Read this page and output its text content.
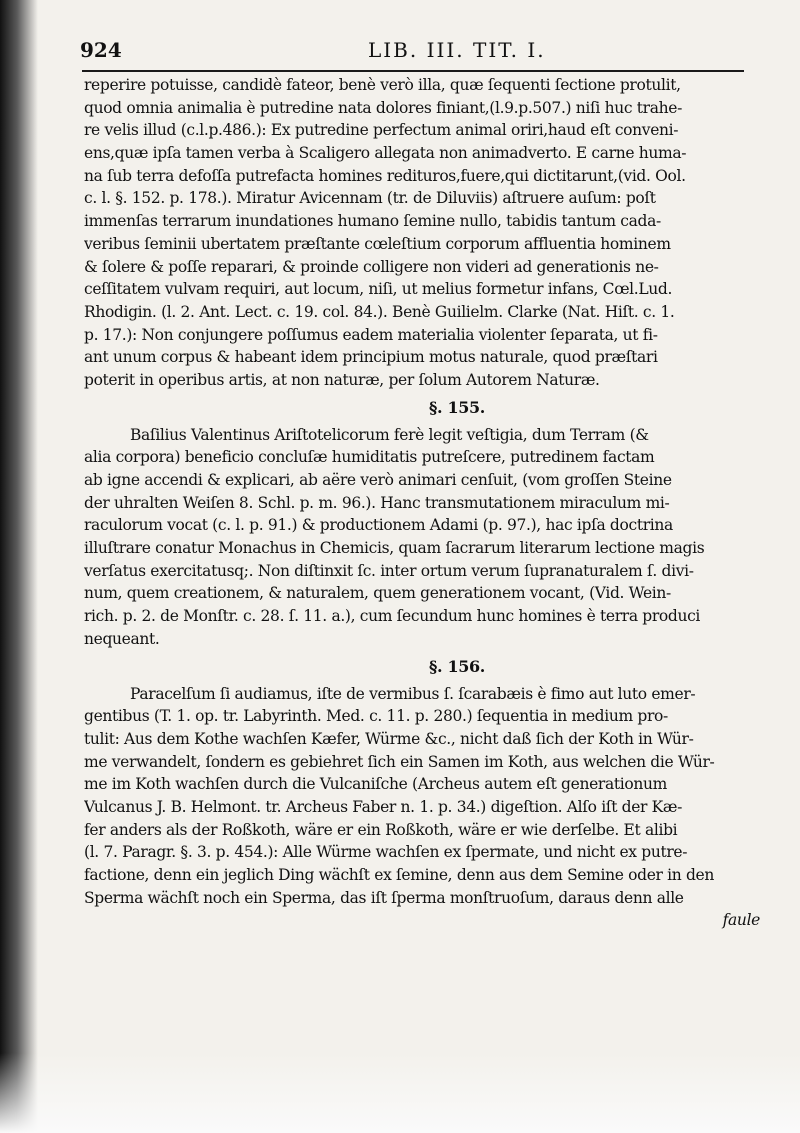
924	LIB. III. TIT. I.
reperire potuisse, candidè fateor, benè verò illa, quæ ſequenti ſectione protulit,
quod omnia animalia è putredine nata dolores finiant,(l.9.p.507.) niſi huc trahe-
re velis illud (c.l.p.486.): Ex putredine perfectum animal oriri,haud eſt conveni-
ens,quæ ipſa tamen verba à Scaligero allegata non animadverto. E carne huma-
na ſub terra defoſſa putrefacta homines redituros,fuere,qui dictitarunt,(vid. Ool.
c. l. §. 152. p. 178.). Miratur Avicennam (tr. de Diluviis) aſtruere auſum: poſt
immenſas terrarum inundationes humano ſemine nullo, tabidis tantum cada-
veribus ſeminii ubertatem præſtante cœleſtium corporum affluentia hominem
& ſolere & poſſe reparari, & proinde colligere non videri ad generationis ne-
ceſſitatem vulvam requiri, aut locum, niſi, ut melius formetur infans, Cœl.Lud.
Rhodigin. (l. 2. Ant. Lect. c. 19. col. 84.). Benè Guilielm. Clarke (Nat. Hiſt. c. 1.
p. 17.): Non conjungere poſſumus eadem materialia violenter ſeparata, ut fi-
ant unum corpus & habeant idem principium motus naturale, quod præſtari
poterit in operibus artis, at non naturæ, per ſolum Autorem Naturæ.
§. 155.
Baſilius Valentinus Ariſtotelicorum ferè legit veſtigia, dum Terram (&
alia corpora) beneficio concluſæ humiditatis putreſcere, putredinem factam
ab igne accendi & explicari, ab aëre verò animari cenſuit, (vom groſſen Steine
der uhralten Weiſen 8. Schl. p. m. 96.). Hanc transmutationem miraculum mi-
raculorum vocat (c. l. p. 91.) & productionem Adami (p. 97.), hac ipſa doctrina
illuſtrare conatur Monachus in Chemicis, quam ſacrarum literarum lectione magis
verſatus exercitatusq;. Non diſtinxit ſc. inter ortum verum ſupranaturalem ſ. divi-
num, quem creationem, & naturalem, quem generationem vocant, (Vid. Wein-
rich. p. 2. de Monſtr. c. 28. ſ. 11. a.), cum ſecundum hunc homines è terra produci
nequeant.
§. 156.
Paracelſum ſi audiamus, iſte de vermibus ſ. ſcarabæis è fimo aut luto emer-
gentibus (T. 1. op. tr. Labyrinth. Med. c. 11. p. 280.) ſequentia in medium pro-
tulit: Aus dem Kothe wachſen Kæfer, Würme &c., nicht daß ſich der Koth in Wür-
me verwandelt, ſondern es gebiehret ſich ein Samen im Koth, aus welchen die Wür-
me im Koth wachſen durch die Vulcaniſche (Archeus autem eſt generationum
Vulcanus J. B. Helmont. tr. Archeus Faber n. 1. p. 34.) digeſtion. Alſo iſt der Kæ-
fer anders als der Roßkoth, wäre er ein Roßkoth, wäre er wie derſelbe. Et alibi
(l. 7. Paragr. §. 3. p. 454.): Alle Würme wachſen ex ſpermate, und nicht ex putre-
factione, denn ein jeglich Ding wächſt ex ſemine, denn aus dem Semine oder in den
Sperma wächſt noch ein Sperma, das iſt ſperma monſtruoſum, daraus denn alle
faule
